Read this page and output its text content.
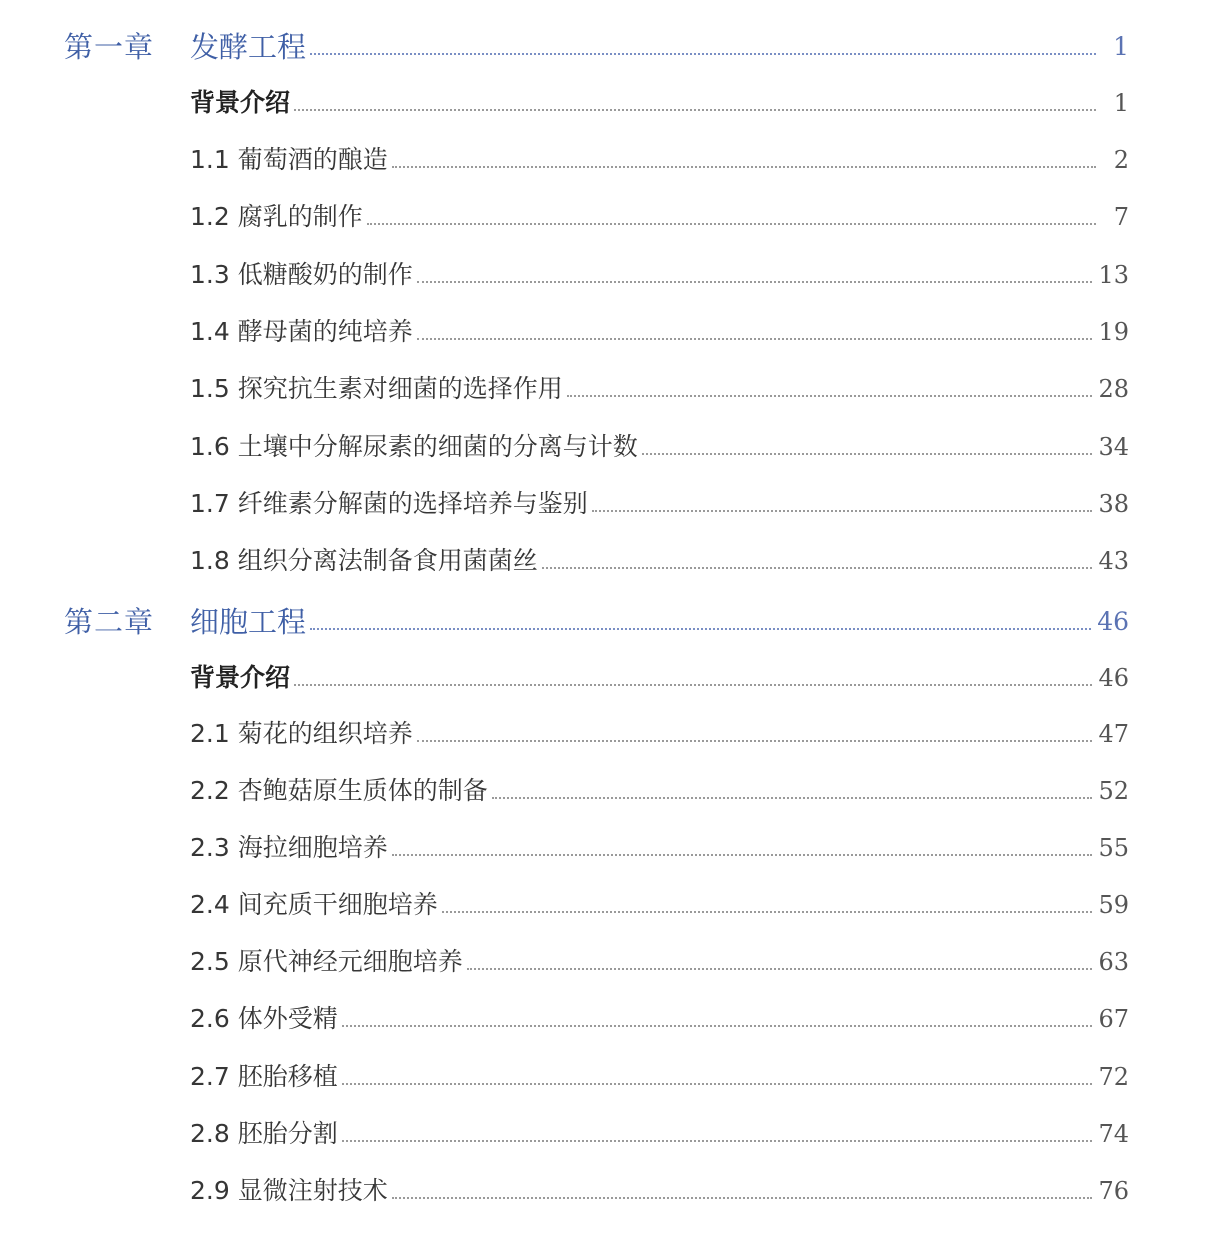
第一章 发酵工程	1
背景介绍	1
1.1 葡萄酒的酿造	2
1.2 腐乳的制作	7
1.3 低糖酸奶的制作	13
1.4 酵母菌的纯培养	19
1.5 探究抗生素对细菌的选择作用	28
1.6 土壤中分解尿素的细菌的分离与计数	34
1.7 纤维素分解菌的选择培养与鉴别	38
1.8 组织分离法制备食用菌菌丝	43
第二章 细胞工程	46
背景介绍	46
2.1 菊花的组织培养	47
2.2 杏鲍菇原生质体的制备	52
2.3 海拉细胞培养	55
2.4 间充质干细胞培养	59
2.5 原代神经元细胞培养	63
2.6 体外受精	67
2.7 胚胎移植	72
2.8 胚胎分割	74
2.9 显微注射技术	76
